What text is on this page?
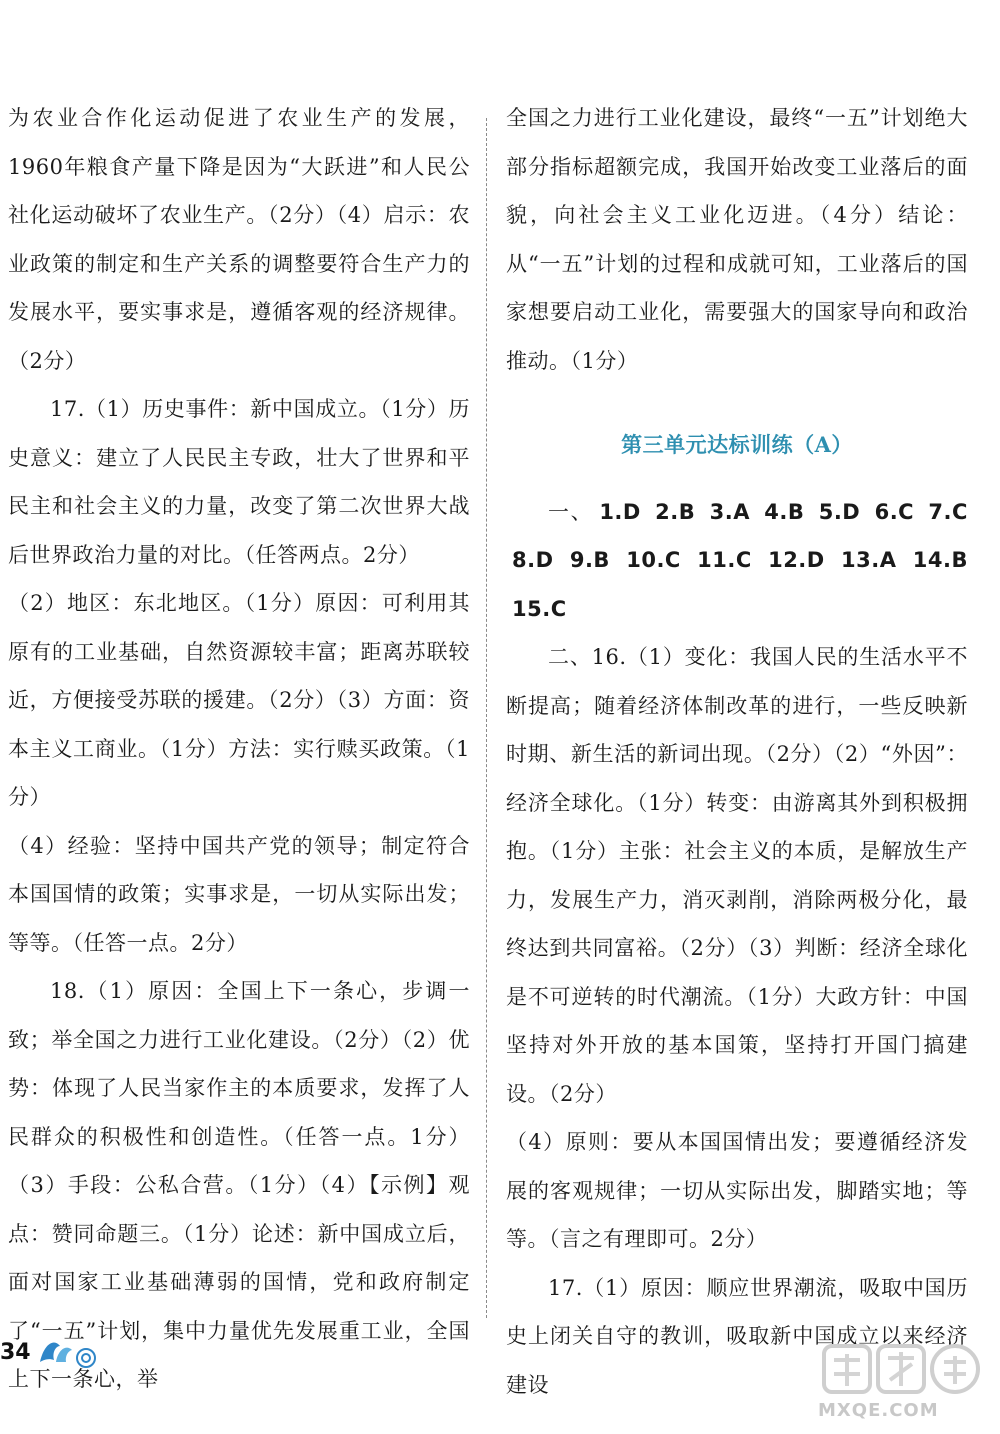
为农业合作化运动促进了农业生产的发展，1960年粮食产量下降是因为“大跃进”和人民公社化运动破坏了农业生产。（2分）（4）启示：农业政策的制定和生产关系的调整要符合生产力的发展水平，要实事求是，遵循客观的经济规律。（2分）

17.（1）历史事件：新中国成立。（1分）历史意义：建立了人民民主专政，壮大了世界和平民主和社会主义的力量，改变了第二次世界大战后世界政治力量的对比。（任答两点。2分）

（2）地区：东北地区。（1分）原因：可利用其原有的工业基础，自然资源较丰富；距离苏联较近，方便接受苏联的援建。（2分）（3）方面：资本主义工商业。（1分）方法：实行赎买政策。（1分）

（4）经验：坚持中国共产党的领导；制定符合本国国情的政策；实事求是，一切从实际出发；等等。（任答一点。2分）

18.（1）原因：全国上下一条心，步调一致；举全国之力进行工业化建设。（2分）（2）优势：体现了人民当家作主的本质要求，发挥了人民群众的积极性和创造性。（任答一点。1分）（3）手段：公私合营。（1分）（4）【示例】观点：赞同命题三。（1分）论述：新中国成立后，面对国家工业基础薄弱的国情，党和政府制定了“一五”计划，集中力量优先发展重工业，全国上下一条心，举

全国之力进行工业化建设，最终“一五”计划绝大部分指标超额完成，我国开始改变工业落后的面貌，向社会主义工业化迈进。（4分）结论：从“一五”计划的过程和成就可知，工业落后的国家想要启动工业化，需要强大的国家导向和政治推动。（1分）

第三单元达标训练（A）

一、 1.D 2.B 3.A 4.B 5.D 6.C 7.C 8.D 9.B 10.C 11.C 12.D 13.A 14.B 15.C

二、16.（1）变化：我国人民的生活水平不断提高；随着经济体制改革的进行，一些反映新时期、新生活的新词出现。（2分）（2）“外因”：经济全球化。（1分）转变：由游离其外到积极拥抱。（1分）主张：社会主义的本质，是解放生产力，发展生产力，消灭剥削，消除两极分化，最终达到共同富裕。（2分）（3）判断：经济全球化是不可逆转的时代潮流。（1分）大政方针：中国坚持对外开放的基本国策，坚持打开国门搞建设。（2分）

（4）原则：要从本国国情出发；要遵循经济发展的客观规律；一切从实际出发，脚踏实地；等等。（言之有理即可。2分）

17.（1）原因：顺应世界潮流，吸取中国历史上闭关自守的教训，吸取新中国成立以来经济建设

34
MXQE.COM
